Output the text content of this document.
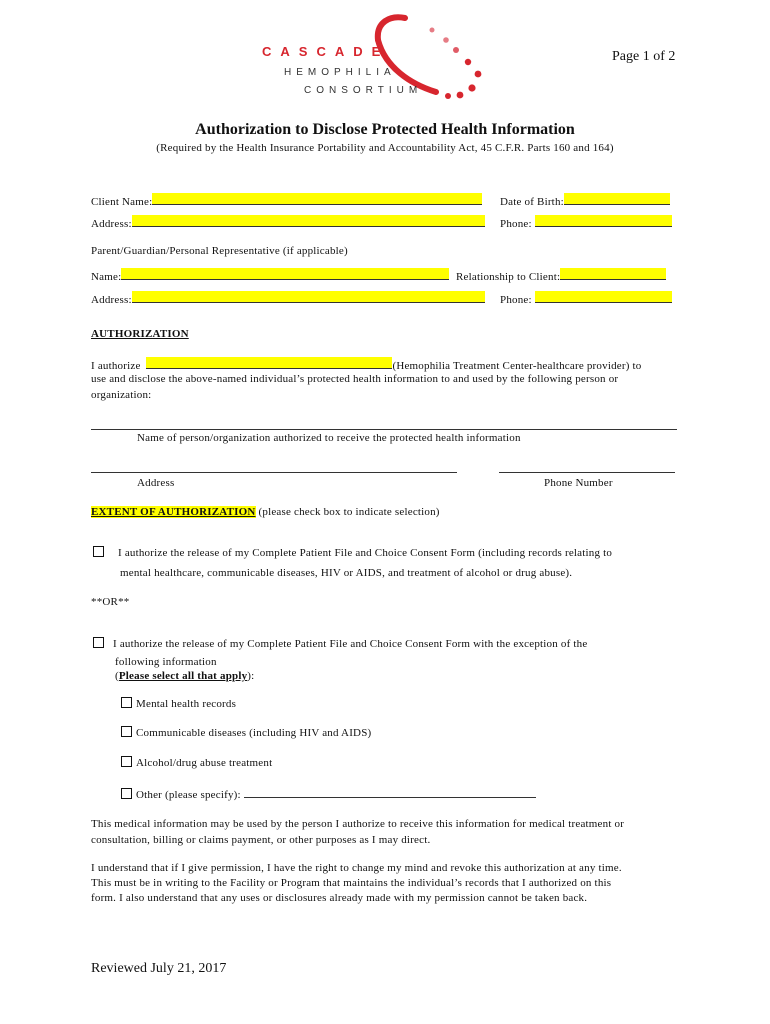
CASCADE
HEMOPHILIA
CONSORTIUM
Page 1 of 2
Authorization to Disclose Protected Health Information
(Required by the Health Insurance Portability and Accountability Act, 45 C.F.R. Parts 160 and 164)
Client Name:	Date of Birth:
Address:	Phone:
Parent/Guardian/Personal Representative (if applicable)
Name:	Relationship to Client:
Address:	Phone:
AUTHORIZATION
I authorize	(Hemophilia Treatment Center-healthcare provider) to
use and disclose the above-named individual’s protected health information to and used by the following person or
organization:
Name of person/organization authorized to receive the protected health information
Address	Phone Number
EXTENT OF AUTHORIZATION (please check box to indicate selection)
I authorize the release of my Complete Patient File and Choice Consent Form (including records relating to
mental healthcare, communicable diseases, HIV or AIDS, and treatment of alcohol or drug abuse).
**OR**
I authorize the release of my Complete Patient File and Choice Consent Form with the exception of the
following information
(Please select all that apply):
Mental health records
Communicable diseases (including HIV and AIDS)
Alcohol/drug abuse treatment
Other (please specify):
This medical information may be used by the person I authorize to receive this information for medical treatment or
consultation, billing or claims payment, or other purposes as I may direct.
I understand that if I give permission, I have the right to change my mind and revoke this authorization at any time.
This must be in writing to the Facility or Program that maintains the individual’s records that I authorized on this
form. I also understand that any uses or disclosures already made with my permission cannot be taken back.
Reviewed July 21, 2017
